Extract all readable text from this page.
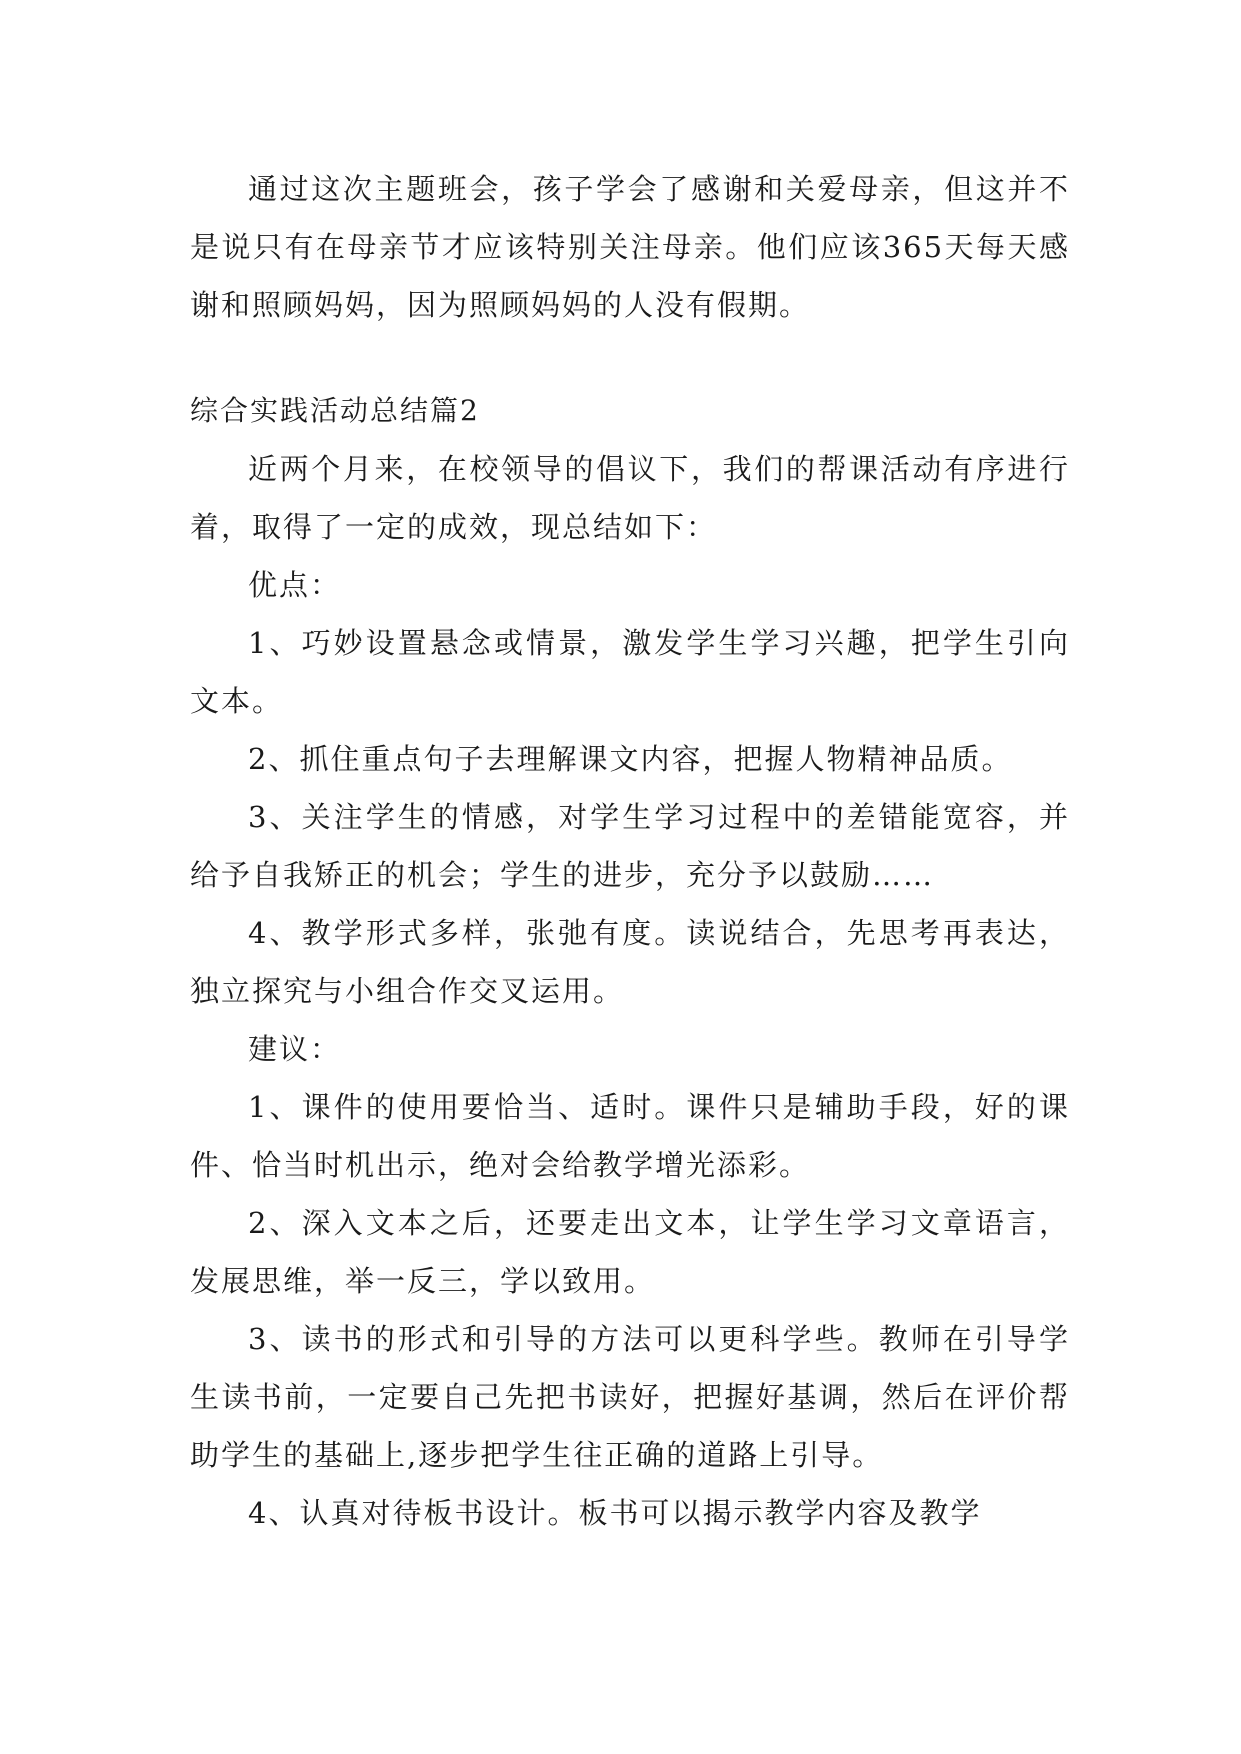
通过这次主题班会，孩子学会了感谢和关爱母亲，但这并不是说只有在母亲节才应该特别关注母亲。他们应该365天每天感谢和照顾妈妈，因为照顾妈妈的人没有假期。

综合实践活动总结篇2

近两个月来，在校领导的倡议下，我们的帮课活动有序进行着，取得了一定的成效，现总结如下：

优点：

1、巧妙设置悬念或情景，激发学生学习兴趣，把学生引向文本。

2、抓住重点句子去理解课文内容，把握人物精神品质。

3、关注学生的情感，对学生学习过程中的差错能宽容，并给予自我矫正的机会；学生的进步，充分予以鼓励……

4、教学形式多样，张弛有度。读说结合，先思考再表达，独立探究与小组合作交叉运用。

建议：

1、课件的使用要恰当、适时。课件只是辅助手段，好的课件、恰当时机出示，绝对会给教学增光添彩。

2、深入文本之后，还要走出文本，让学生学习文章语言，发展思维，举一反三，学以致用。

3、读书的形式和引导的方法可以更科学些。教师在引导学生读书前，一定要自己先把书读好，把握好基调，然后在评价帮助学生的基础上,逐步把学生往正确的道路上引导。

4、认真对待板书设计。板书可以揭示教学内容及教学
